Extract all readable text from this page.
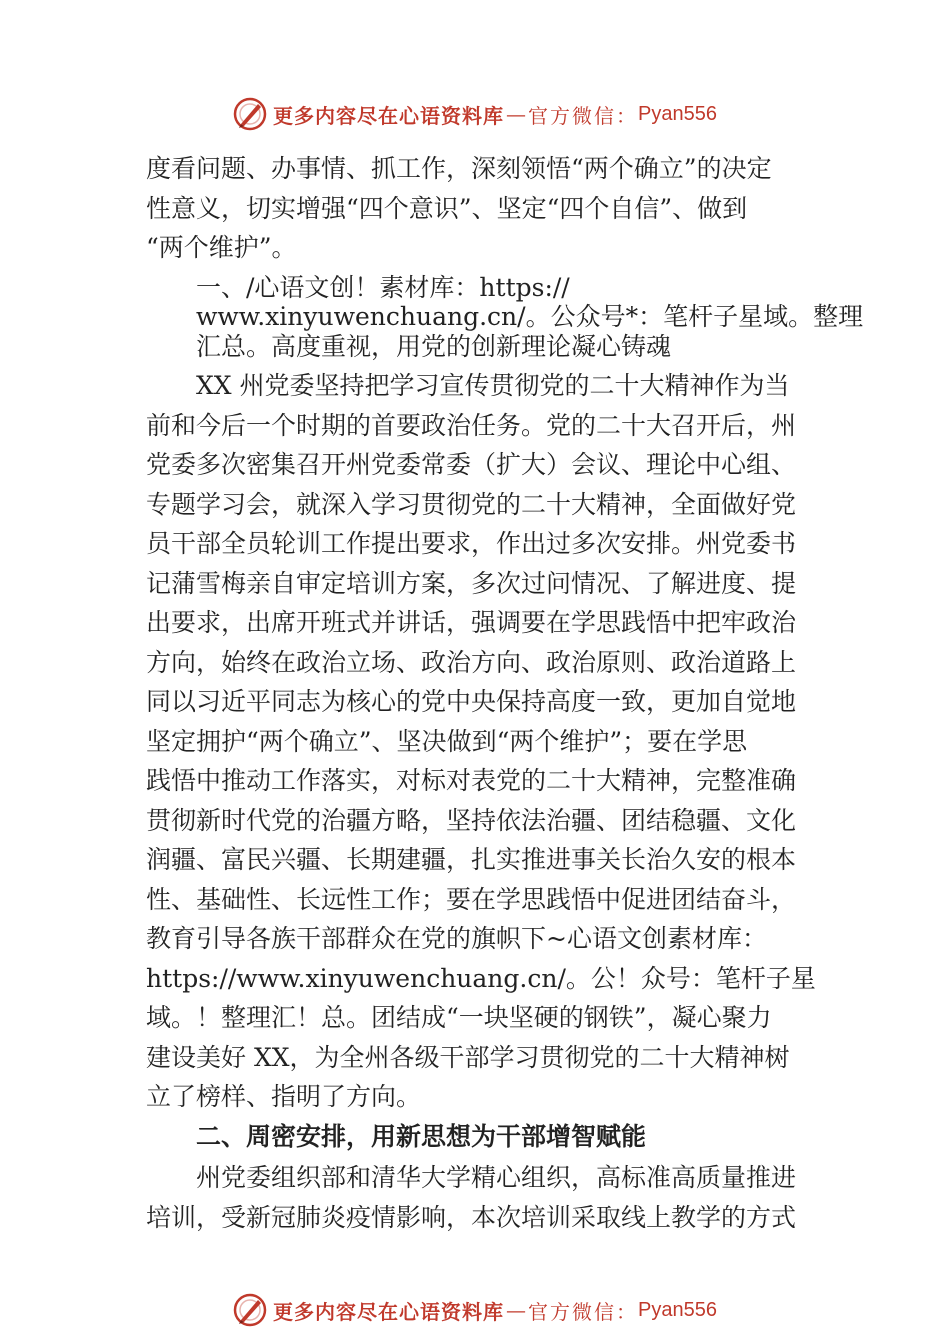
更多内容尽在心语资料库 — 官方微信： Pyan556
度看问题、办事情、抓工作，深刻领悟“两个确立”的决定
性意义，切实增强“四个意识”、坚定“四个自信”、做到
“两个维护”。
一、/心语文创！素材库：https://
www.xinyuwenchuang.cn/。公众号*：笔杆子星域。整理
汇总。高度重视，用党的创新理论凝心铸魂
XX 州党委坚持把学习宣传贯彻党的二十大精神作为当
前和今后一个时期的首要政治任务。党的二十大召开后，州
党委多次密集召开州党委常委（扩大）会议、理论中心组、
专题学习会，就深入学习贯彻党的二十大精神，全面做好党
员干部全员轮训工作提出要求，作出过多次安排。州党委书
记蒲雪梅亲自审定培训方案，多次过问情况、了解进度、提
出要求，出席开班式并讲话，强调要在学思践悟中把牢政治
方向，始终在政治立场、政治方向、政治原则、政治道路上
同以习近平同志为核心的党中央保持高度一致，更加自觉地
坚定拥护“两个确立”、坚决做到“两个维护”；要在学思
践悟中推动工作落实，对标对表党的二十大精神，完整准确
贯彻新时代党的治疆方略，坚持依法治疆、团结稳疆、文化
润疆、富民兴疆、长期建疆，扎实推进事关长治久安的根本
性、基础性、长远性工作；要在学思践悟中促进团结奋斗，
教育引导各族干部群众在党的旗帜下~心语文创素材库：
https://www.xinyuwenchuang.cn/。公！众号：笔杆子星
域。！整理汇！总。团结成“一块坚硬的钢铁”，凝心聚力
建设美好 XX，为全州各级干部学习贯彻党的二十大精神树
立了榜样、指明了方向。
二、周密安排，用新思想为干部增智赋能
州党委组织部和清华大学精心组织，高标准高质量推进
培训，受新冠肺炎疫情影响，本次培训采取线上教学的方式
更多内容尽在心语资料库 — 官方微信： Pyan556
